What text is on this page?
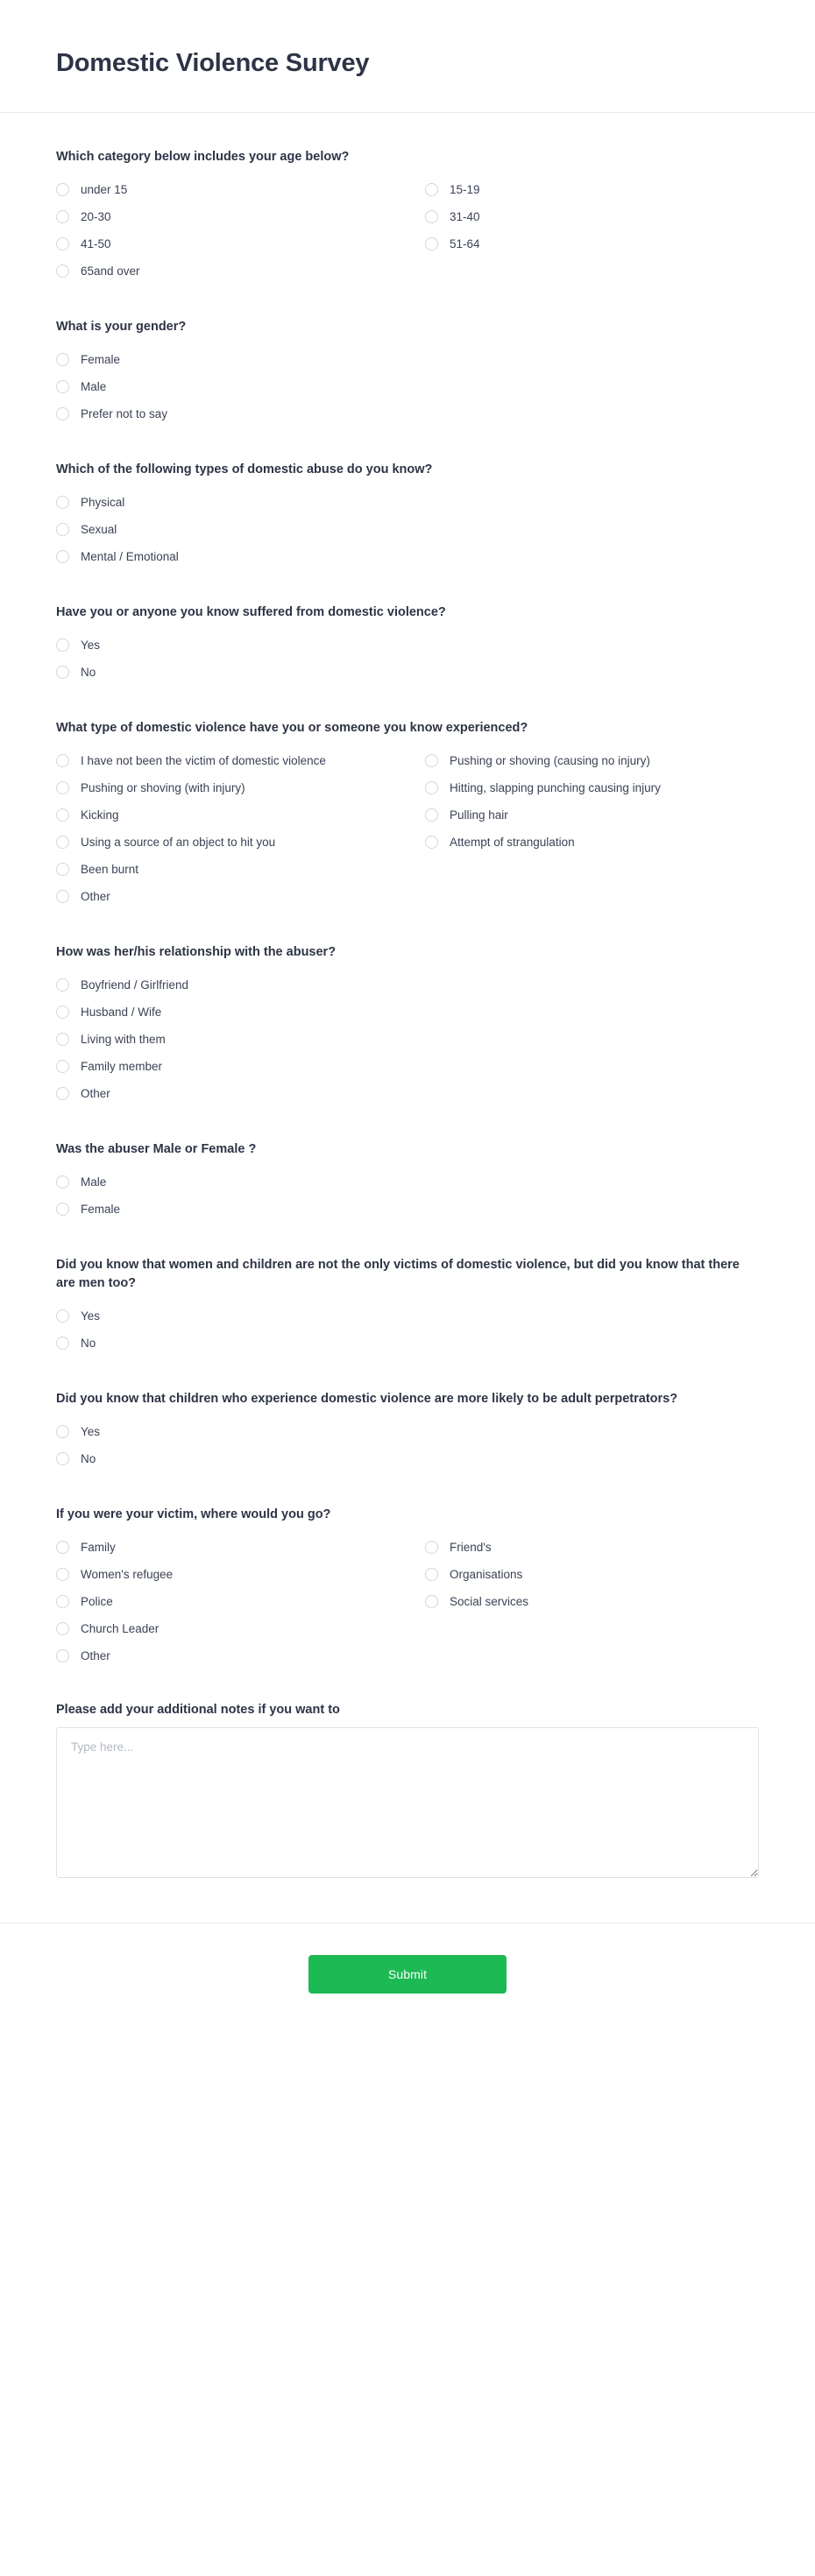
Domestic Violence Survey
Which category below includes your age below?
under 15
20-30
41-50
65and over
15-19
31-40
51-64
What is your gender?
Female
Male
Prefer not to say
Which of the following types of domestic abuse do you know?
Physical
Sexual
Mental / Emotional
Have you or anyone you know suffered from domestic violence?
Yes
No
What type of domestic violence have you or someone you know experienced?
I have not been the victim of domestic violence
Pushing or shoving (with injury)
Kicking
Using a source of an object to hit you
Been burnt
Other
Pushing or shoving (causing no injury)
Hitting, slapping punching causing injury
Pulling hair
Attempt of strangulation
How was her/his relationship with the abuser?
Boyfriend / Girlfriend
Husband / Wife
Living with them
Family member
Other
Was the abuser Male or Female ?
Male
Female
Did you know that women and children are not the only victims of domestic violence, but did you know that there are men too?
Yes
No
Did you know that children who experience domestic violence are more likely to be adult perpetrators?
Yes
No
If you were your victim, where would you go?
Family
Women's refugee
Police
Church Leader
Other
Friend's
Organisations
Social services
Please add your additional notes if you want to
Type here...
Submit
